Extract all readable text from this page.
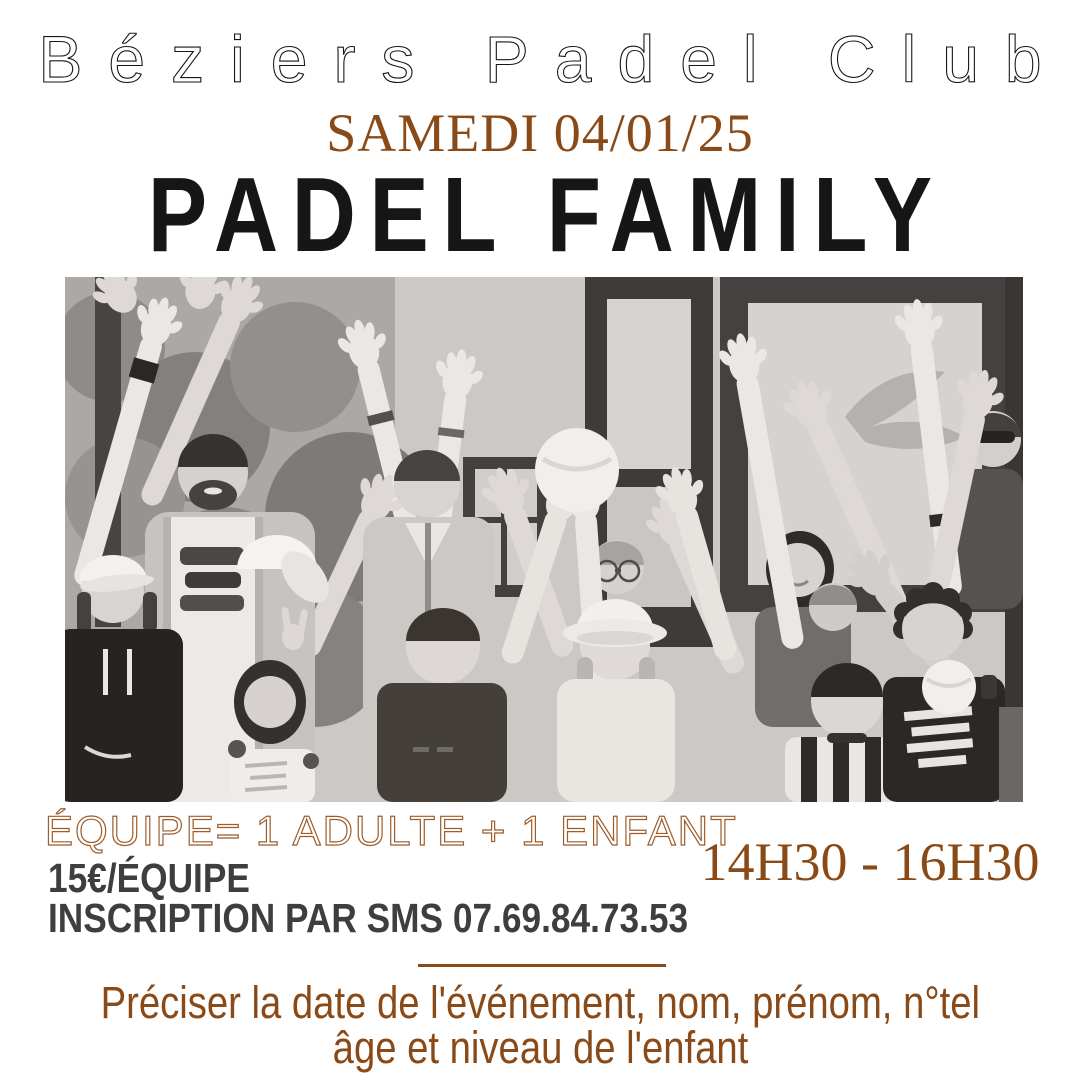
Béziers Padel Club
SAMEDI 04/01/25
PADEL FAMILY
ÉQUIPE= 1 ADULTE + 1 ENFANT
15€/ÉQUIPE
INSCRIPTION PAR SMS 07.69.84.73.53
14H30 - 16H30
Préciser la date de l'événement, nom, prénom, n°tel
âge et niveau de l'enfant
